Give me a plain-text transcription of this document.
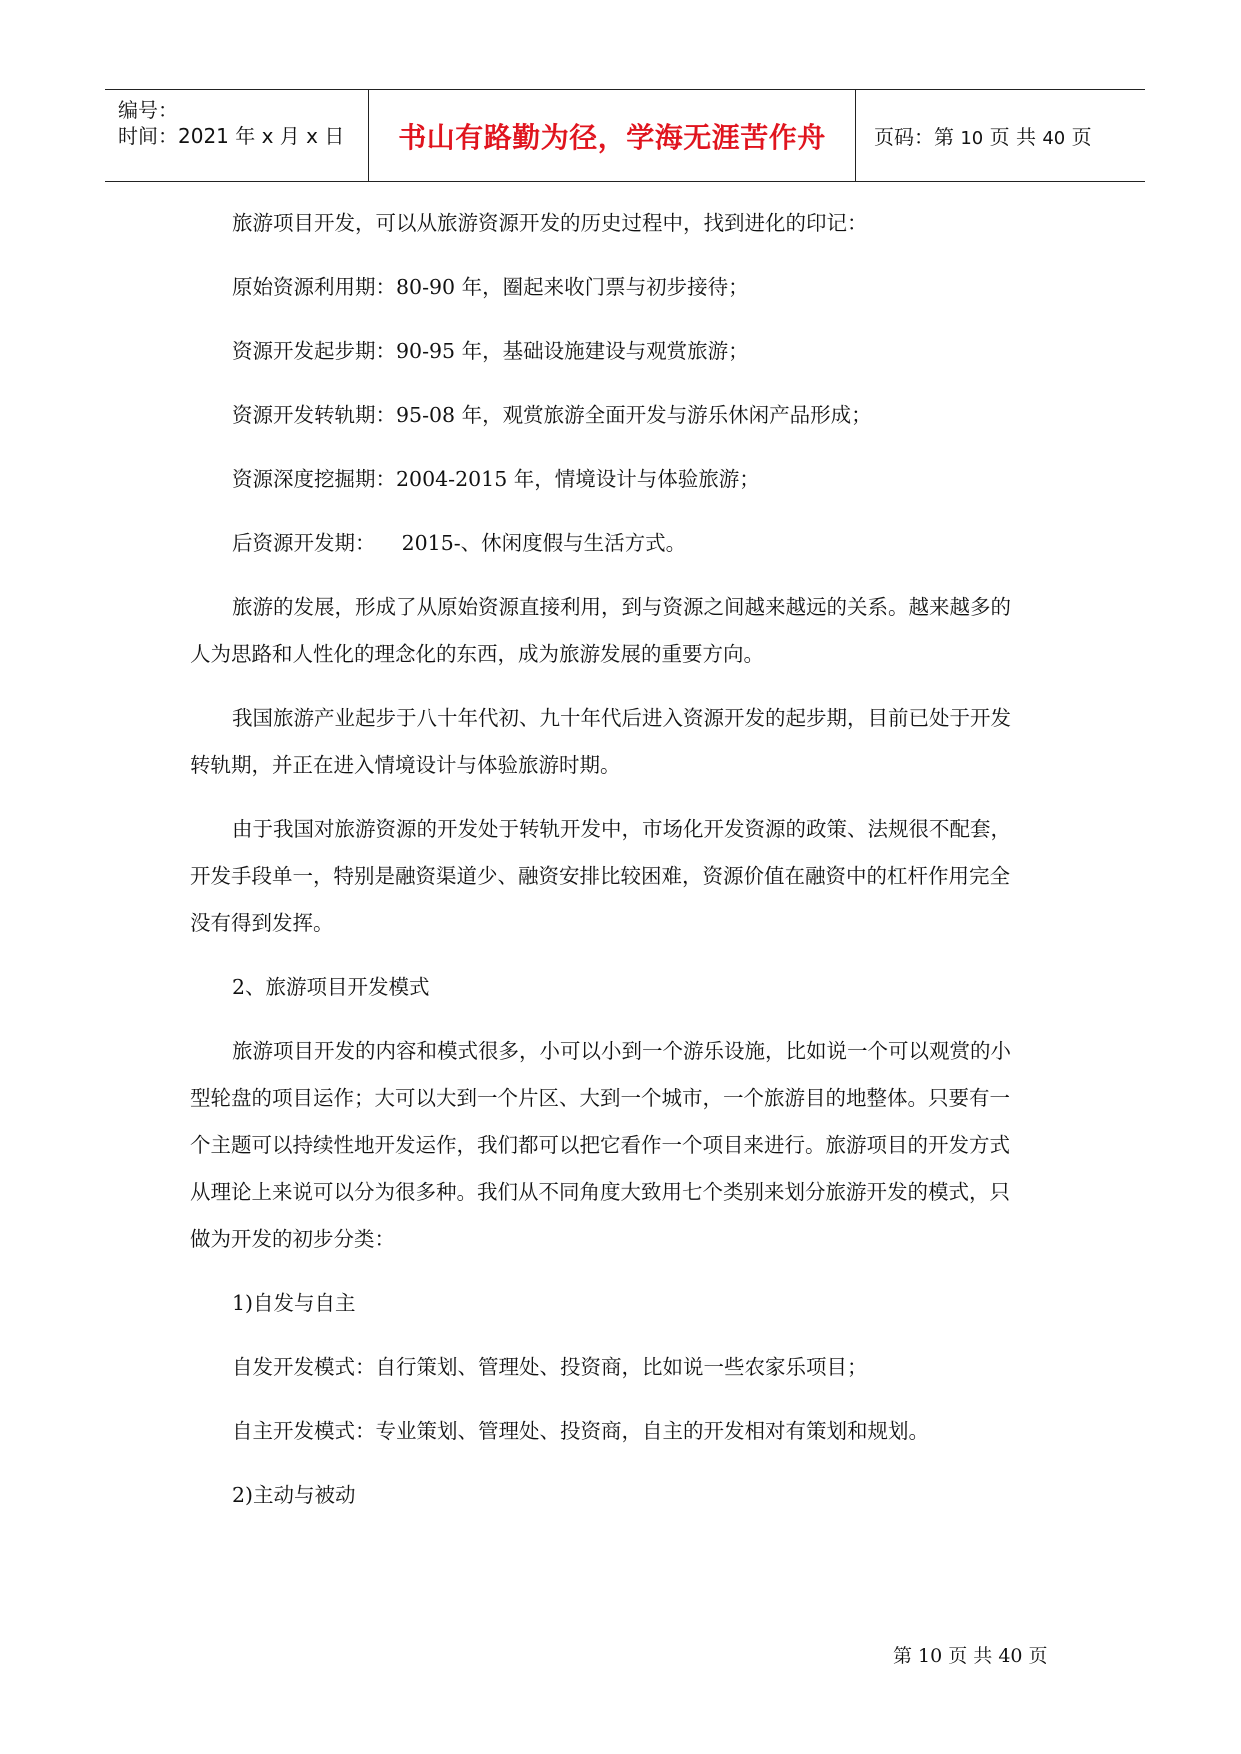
编号：
时间：2021 年 x 月 x 日 书山有路勤为径，学海无涯苦作舟 页码：第 10 页 共 40 页
旅游项目开发，可以从旅游资源开发的历史过程中，找到进化的印记：
原始资源利用期：80-90 年，圈起来收门票与初步接待；
资源开发起步期：90-95 年，基础设施建设与观赏旅游；
资源开发转轨期：95-08 年，观赏旅游全面开发与游乐休闲产品形成；
资源深度挖掘期：2004-2015 年，情境设计与体验旅游；
后资源开发期：    2015-、休闲度假与生活方式。
旅游的发展，形成了从原始资源直接利用，到与资源之间越来越远的关系。越来越多的
人为思路和人性化的理念化的东西，成为旅游发展的重要方向。
我国旅游产业起步于八十年代初、九十年代后进入资源开发的起步期，目前已处于开发
转轨期，并正在进入情境设计与体验旅游时期。
由于我国对旅游资源的开发处于转轨开发中，市场化开发资源的政策、法规很不配套，
开发手段单一，特别是融资渠道少、融资安排比较困难，资源价值在融资中的杠杆作用完全
没有得到发挥。
2、旅游项目开发模式
旅游项目开发的内容和模式很多，小可以小到一个游乐设施，比如说一个可以观赏的小
型轮盘的项目运作；大可以大到一个片区、大到一个城市，一个旅游目的地整体。只要有一
个主题可以持续性地开发运作，我们都可以把它看作一个项目来进行。旅游项目的开发方式
从理论上来说可以分为很多种。我们从不同角度大致用七个类别来划分旅游开发的模式，只
做为开发的初步分类：
1)自发与自主
自发开发模式：自行策划、管理处、投资商，比如说一些农家乐项目；
自主开发模式：专业策划、管理处、投资商，自主的开发相对有策划和规划。
2)主动与被动
第 10 页 共 40 页
